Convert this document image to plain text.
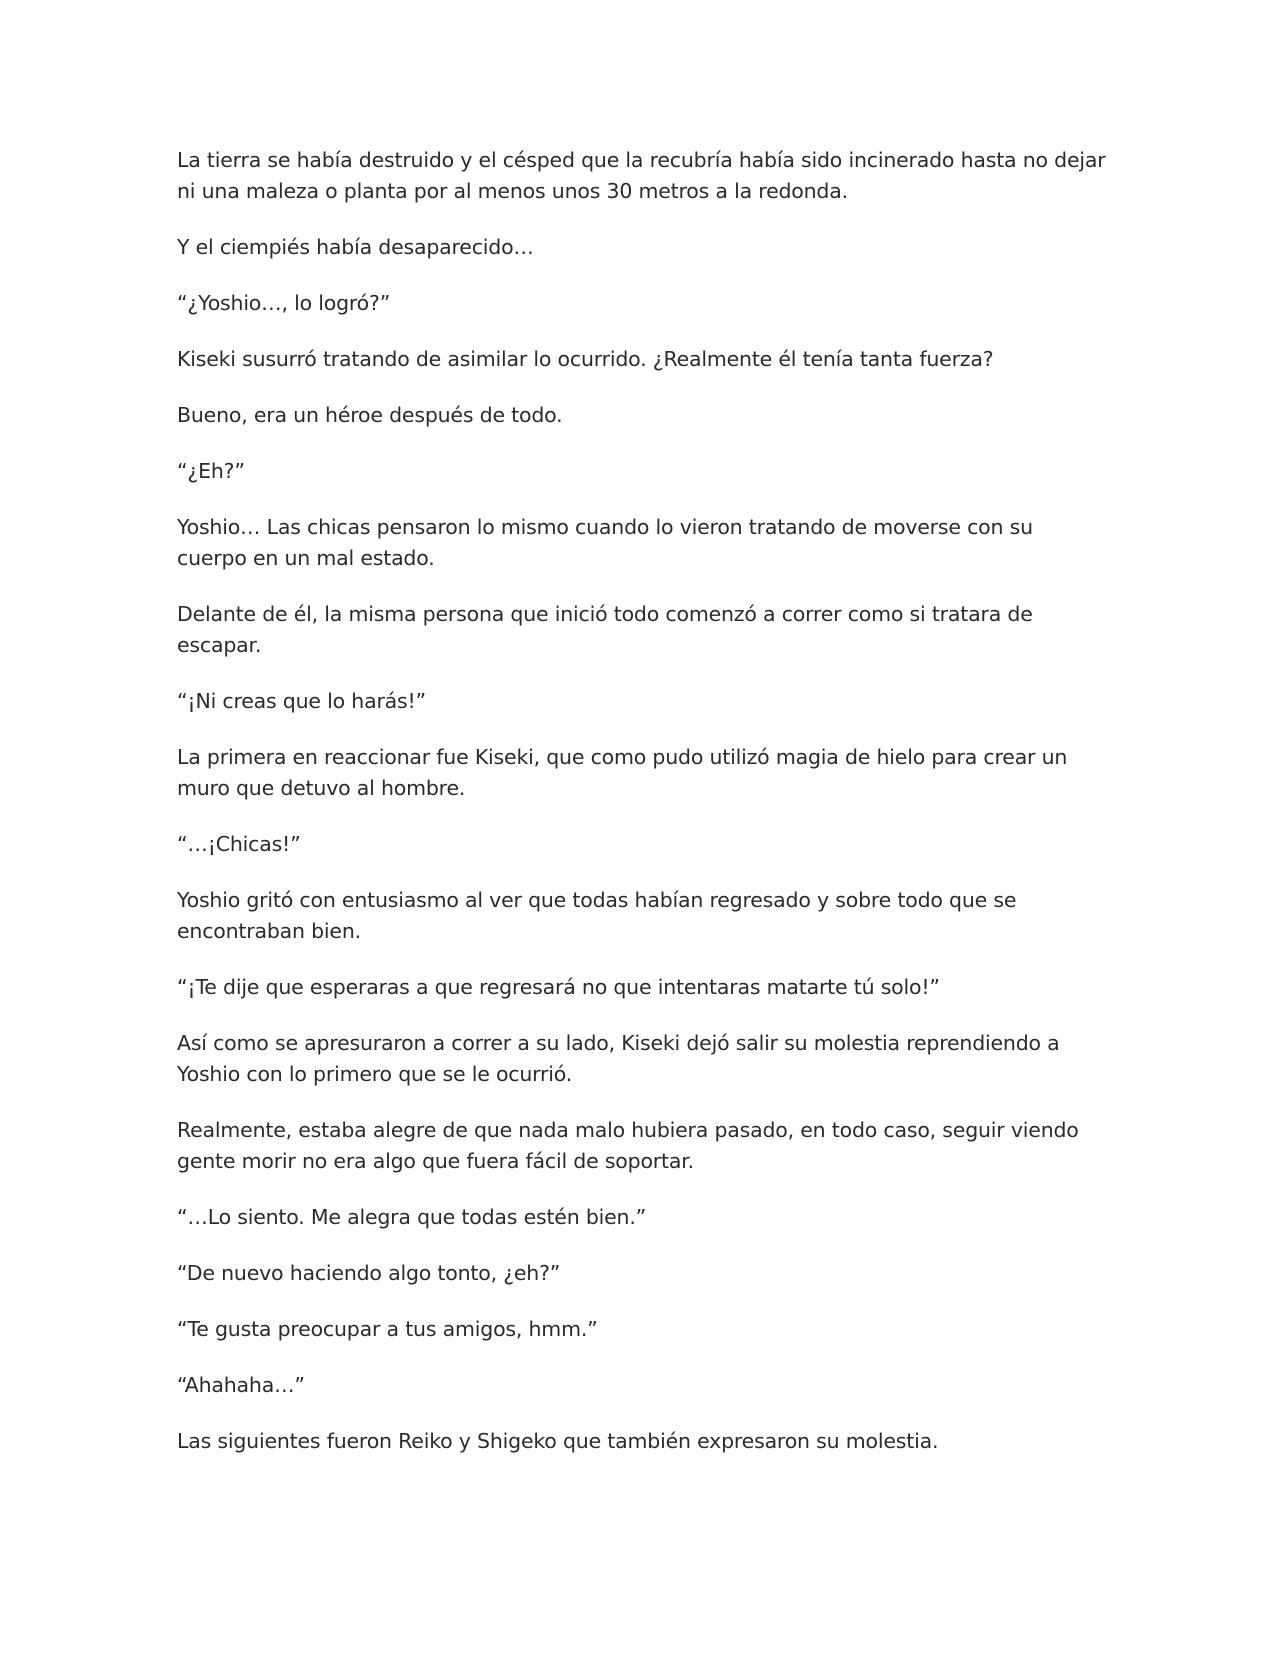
La tierra se había destruido y el césped que la recubría había sido incinerado hasta no dejar ni una maleza o planta por al menos unos 30 metros a la redonda.

Y el ciempiés había desaparecido…

“¿Yoshio…, lo logró?”

Kiseki susurró tratando de asimilar lo ocurrido. ¿Realmente él tenía tanta fuerza?

Bueno, era un héroe después de todo.

“¿Eh?”

Yoshio… Las chicas pensaron lo mismo cuando lo vieron tratando de moverse con su cuerpo en un mal estado.

Delante de él, la misma persona que inició todo comenzó a correr como si tratara de escapar.

“¡Ni creas que lo harás!”

La primera en reaccionar fue Kiseki, que como pudo utilizó magia de hielo para crear un muro que detuvo al hombre.

“…¡Chicas!”

Yoshio gritó con entusiasmo al ver que todas habían regresado y sobre todo que se encontraban bien.

“¡Te dije que esperaras a que regresará no que intentaras matarte tú solo!”

Así como se apresuraron a correr a su lado, Kiseki dejó salir su molestia reprendiendo a Yoshio con lo primero que se le ocurrió.

Realmente, estaba alegre de que nada malo hubiera pasado, en todo caso, seguir viendo gente morir no era algo que fuera fácil de soportar.

“…Lo siento. Me alegra que todas estén bien.”

“De nuevo haciendo algo tonto, ¿eh?”

“Te gusta preocupar a tus amigos, hmm.”

“Ahahaha…”

Las siguientes fueron Reiko y Shigeko que también expresaron su molestia.
